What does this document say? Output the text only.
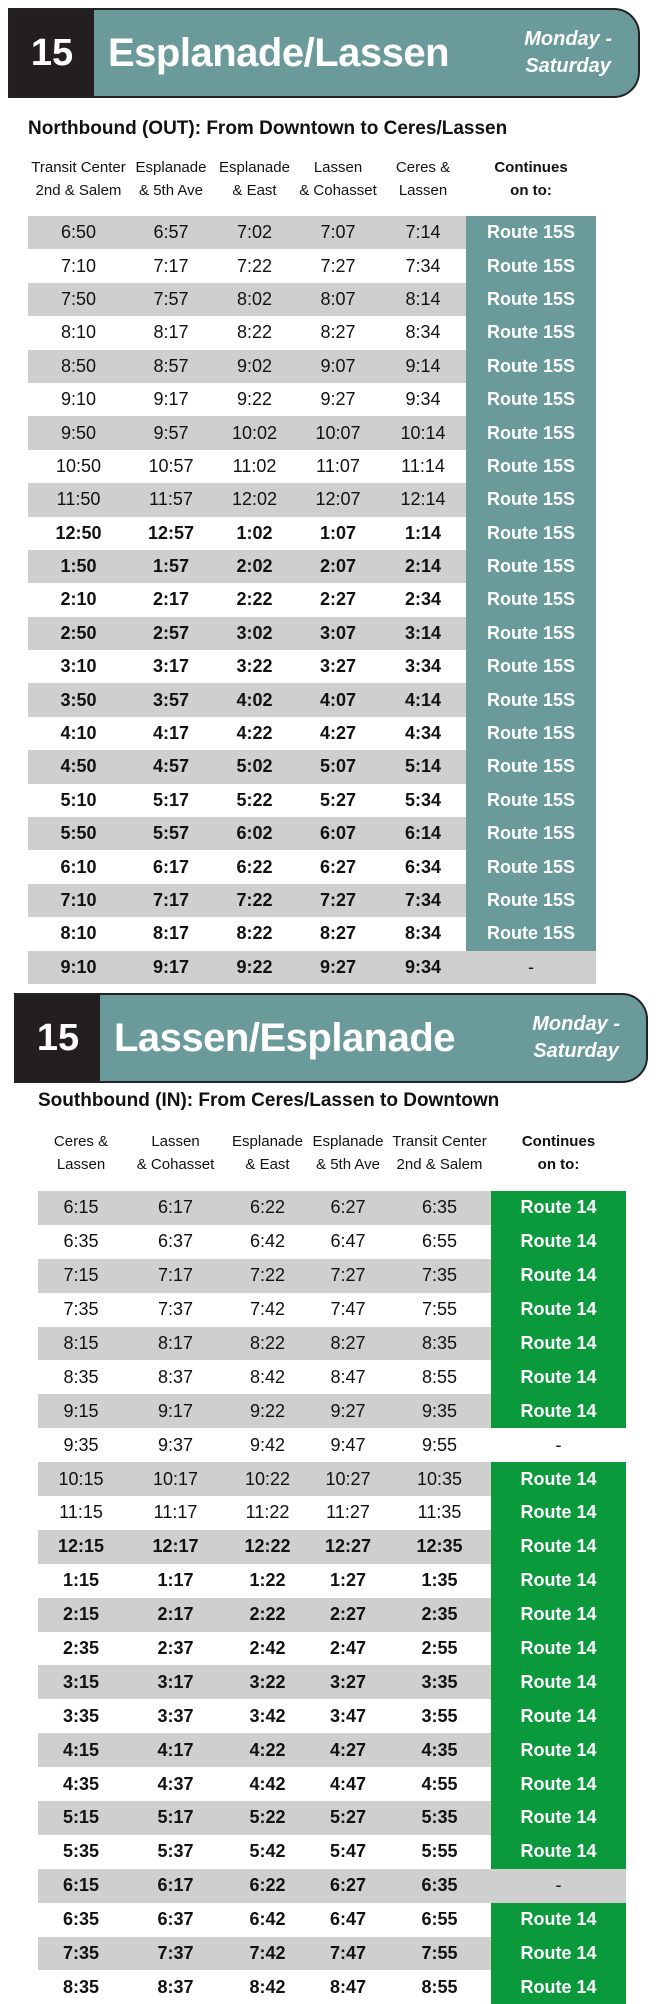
15 Esplanade/Lassen	Monday -
Saturday
Northbound (OUT): From Downtown to Ceres/Lassen
Transit Center
2nd & Salem
Esplanade
& 5th Ave
Esplanade
& East
Lassen
& Cohasset
Ceres &
Lassen
Continues
on to:
6:50	6:57	7:02	7:07	7:14	Route 15S
7:10	7:17	7:22	7:27	7:34	Route 15S
7:50	7:57	8:02	8:07	8:14	Route 15S
8:10	8:17	8:22	8:27	8:34	Route 15S
8:50	8:57	9:02	9:07	9:14	Route 15S
9:10	9:17	9:22	9:27	9:34	Route 15S
9:50	9:57	10:02	10:07	10:14	Route 15S
10:50	10:57	11:02	11:07	11:14	Route 15S
11:50	11:57	12:02	12:07	12:14	Route 15S
12:50	12:57	1:02	1:07	1:14	Route 15S
1:50	1:57	2:02	2:07	2:14	Route 15S
2:10	2:17	2:22	2:27	2:34	Route 15S
2:50	2:57	3:02	3:07	3:14	Route 15S
3:10	3:17	3:22	3:27	3:34	Route 15S
3:50	3:57	4:02	4:07	4:14	Route 15S
4:10	4:17	4:22	4:27	4:34	Route 15S
4:50	4:57	5:02	5:07	5:14	Route 15S
5:10	5:17	5:22	5:27	5:34	Route 15S
5:50	5:57	6:02	6:07	6:14	Route 15S
6:10	6:17	6:22	6:27	6:34	Route 15S
7:10	7:17	7:22	7:27	7:34	Route 15S
8:10	8:17	8:22	8:27	8:34	Route 15S
9:10	9:17	9:22	9:27	9:34	-
15 Lassen/Esplanade	Monday -
Saturday
Southbound (IN): From Ceres/Lassen to Downtown
Ceres &
Lassen
Lassen
& Cohasset
Esplanade
& East
Esplanade
& 5th Ave
Transit Center
2nd & Salem
Continues
on to:
6:15	6:17	6:22	6:27	6:35	Route 14
6:35	6:37	6:42	6:47	6:55	Route 14
7:15	7:17	7:22	7:27	7:35	Route 14
7:35	7:37	7:42	7:47	7:55	Route 14
8:15	8:17	8:22	8:27	8:35	Route 14
8:35	8:37	8:42	8:47	8:55	Route 14
9:15	9:17	9:22	9:27	9:35	Route 14
9:35	9:37	9:42	9:47	9:55	-
10:15	10:17	10:22	10:27	10:35	Route 14
11:15	11:17	11:22	11:27	11:35	Route 14
12:15	12:17	12:22	12:27	12:35	Route 14
1:15	1:17	1:22	1:27	1:35	Route 14
2:15	2:17	2:22	2:27	2:35	Route 14
2:35	2:37	2:42	2:47	2:55	Route 14
3:15	3:17	3:22	3:27	3:35	Route 14
3:35	3:37	3:42	3:47	3:55	Route 14
4:15	4:17	4:22	4:27	4:35	Route 14
4:35	4:37	4:42	4:47	4:55	Route 14
5:15	5:17	5:22	5:27	5:35	Route 14
5:35	5:37	5:42	5:47	5:55	Route 14
6:15	6:17	6:22	6:27	6:35	-
6:35	6:37	6:42	6:47	6:55	Route 14
7:35	7:37	7:42	7:47	7:55	Route 14
8:35	8:37	8:42	8:47	8:55	Route 14
